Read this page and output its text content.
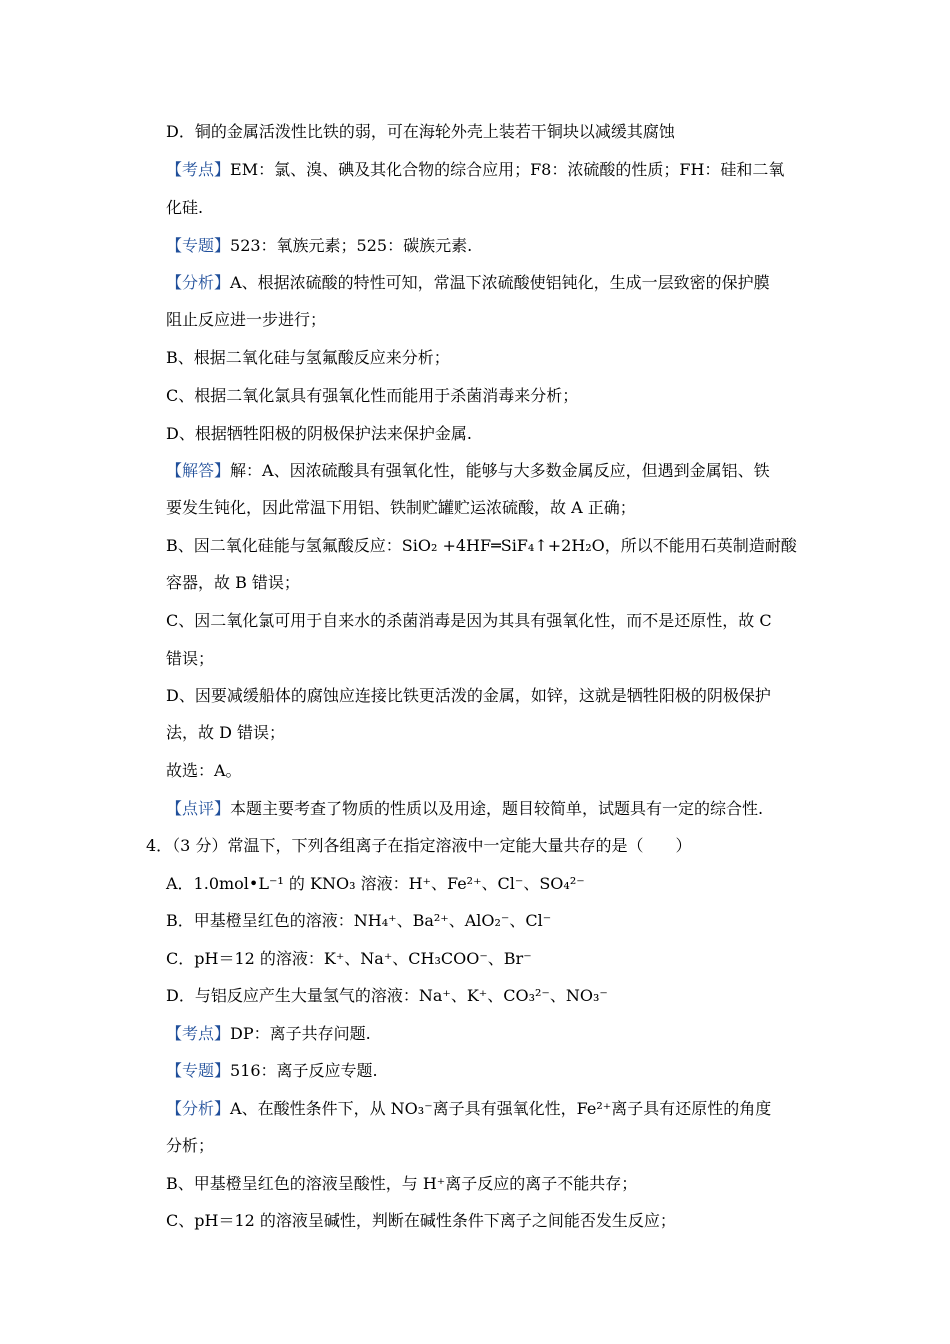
D．铜的金属活泼性比铁的弱，可在海轮外壳上装若干铜块以减缓其腐蚀
【考点】EM：氯、溴、碘及其化合物的综合应用；F8：浓硫酸的性质；FH：硅和二氧
化硅.
【专题】523：氧族元素；525：碳族元素.
【分析】A、根据浓硫酸的特性可知，常温下浓硫酸使铝钝化，生成一层致密的保护膜
阻止反应进一步进行；
B、根据二氧化硅与氢氟酸反应来分析；
C、根据二氧化氯具有强氧化性而能用于杀菌消毒来分析；
D、根据牺牲阳极的阴极保护法来保护金属.
【解答】解：A、因浓硫酸具有强氧化性，能够与大多数金属反应，但遇到金属铝、铁
要发生钝化，因此常温下用铝、铁制贮罐贮运浓硫酸，故 A 正确；
B、因二氧化硅能与氢氟酸反应：SiO₂ +4HF═SiF₄↑+2H₂O，所以不能用石英制造耐酸
容器，故 B 错误；
C、因二氧化氯可用于自来水的杀菌消毒是因为其具有强氧化性，而不是还原性，故 C
错误；
D、因要减缓船体的腐蚀应连接比铁更活泼的金属，如锌，这就是牺牲阳极的阴极保护
法，故 D 错误；
故选：A。
【点评】本题主要考查了物质的性质以及用途，题目较简单，试题具有一定的综合性.
4．（3 分）常温下，下列各组离子在指定溶液中一定能大量共存的是（　　）
A．1.0mol•L⁻¹ 的 KNO₃ 溶液：H⁺、Fe²⁺、Cl⁻、SO₄²⁻
B．甲基橙呈红色的溶液：NH₄⁺、Ba²⁺、AlO₂⁻、Cl⁻
C．pH＝12 的溶液：K⁺、Na⁺、CH₃COO⁻、Br⁻
D．与铝反应产生大量氢气的溶液：Na⁺、K⁺、CO₃²⁻、NO₃⁻
【考点】DP：离子共存问题.
【专题】516：离子反应专题.
【分析】A、在酸性条件下，从 NO₃⁻离子具有强氧化性，Fe²⁺离子具有还原性的角度
分析；
B、甲基橙呈红色的溶液呈酸性，与 H⁺离子反应的离子不能共存；
C、pH＝12 的溶液呈碱性，判断在碱性条件下离子之间能否发生反应；
